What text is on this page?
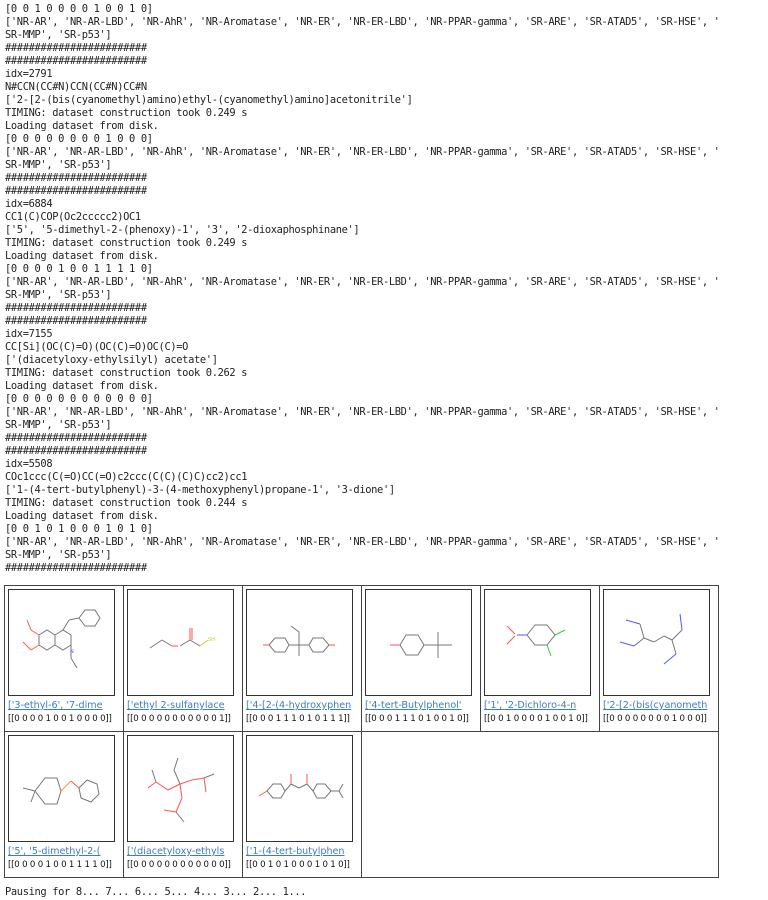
[0 0 1 0 0 0 0 1 0 0 1 0]
['NR-AR', 'NR-AR-LBD', 'NR-AhR', 'NR-Aromatase', 'NR-ER', 'NR-ER-LBD', 'NR-PPAR-gamma', 'SR-ARE', 'SR-ATAD5', 'SR-HSE', '
SR-MMP', 'SR-p53']
########################
########################
idx=2791
N#CCN(CC#N)CCN(CC#N)CC#N
['2-[2-(bis(cyanomethyl)amino)ethyl-(cyanomethyl)amino]acetonitrile']
TIMING: dataset construction took 0.249 s
Loading dataset from disk.
[0 0 0 0 0 0 0 0 1 0 0 0]
['NR-AR', 'NR-AR-LBD', 'NR-AhR', 'NR-Aromatase', 'NR-ER', 'NR-ER-LBD', 'NR-PPAR-gamma', 'SR-ARE', 'SR-ATAD5', 'SR-HSE', '
SR-MMP', 'SR-p53']
########################
########################
idx=6884
CC1(C)COP(Oc2ccccc2)OC1
['5', '5-dimethyl-2-(phenoxy)-1', '3', '2-dioxaphosphinane']
TIMING: dataset construction took 0.249 s
Loading dataset from disk.
[0 0 0 0 1 0 0 1 1 1 1 0]
['NR-AR', 'NR-AR-LBD', 'NR-AhR', 'NR-Aromatase', 'NR-ER', 'NR-ER-LBD', 'NR-PPAR-gamma', 'SR-ARE', 'SR-ATAD5', 'SR-HSE', '
SR-MMP', 'SR-p53']
########################
########################
idx=7155
CC[Si](OC(C)=O)(OC(C)=O)OC(C)=O
['(diacetyloxy-ethylsilyl) acetate']
TIMING: dataset construction took 0.262 s
Loading dataset from disk.
[0 0 0 0 0 0 0 0 0 0 0 0]
['NR-AR', 'NR-AR-LBD', 'NR-AhR', 'NR-Aromatase', 'NR-ER', 'NR-ER-LBD', 'NR-PPAR-gamma', 'SR-ARE', 'SR-ATAD5', 'SR-HSE', '
SR-MMP', 'SR-p53']
########################
########################
idx=5508
COc1ccc(C(=O)CC(=O)c2ccc(C(C)(C)C)cc2)cc1
['1-(4-tert-butylphenyl)-3-(4-methoxyphenyl)propane-1', '3-dione']
TIMING: dataset construction took 0.244 s
Loading dataset from disk.
[0 0 1 0 1 0 0 0 1 0 1 0]
['NR-AR', 'NR-AR-LBD', 'NR-AhR', 'NR-Aromatase', 'NR-ER', 'NR-ER-LBD', 'NR-PPAR-gamma', 'SR-ARE', 'SR-ATAD5', 'SR-HSE', '
SR-MMP', 'SR-p53']
########################
N
['3-ethyl-6', '7-dime
[[0 0 0 0 1 0 0 1 0 0 0 0]]	SH
['ethyl 2-sulfanylace
[[0 0 0 0 0 0 0 0 0 0 0 1]]	['4-[2-(4-hydroxyphen
[[0 0 0 1 1 1 0 1 0 1 1 1]]	['4-tert-Butylphenol'
[[0 0 0 1 1 1 0 1 0 0 1 0]]	['1', '2-Dichloro-4-n
[[0 0 1 0 0 0 0 1 0 0 1 0]]	['2-[2-(bis(cyanometh
[[0 0 0 0 0 0 0 0 1 0 0 0]]

['5', '5-dimethyl-2-(
[[0 0 0 0 1 0 0 1 1 1 1 0]]	['(diacetyloxy-ethyls
[[0 0 0 0 0 0 0 0 0 0 0 0]]	['1-(4-tert-butylphen
[[0 0 1 0 1 0 0 0 1 0 1 0]]			

Pausing for 8... 7... 6... 5... 4... 3... 2... 1...
